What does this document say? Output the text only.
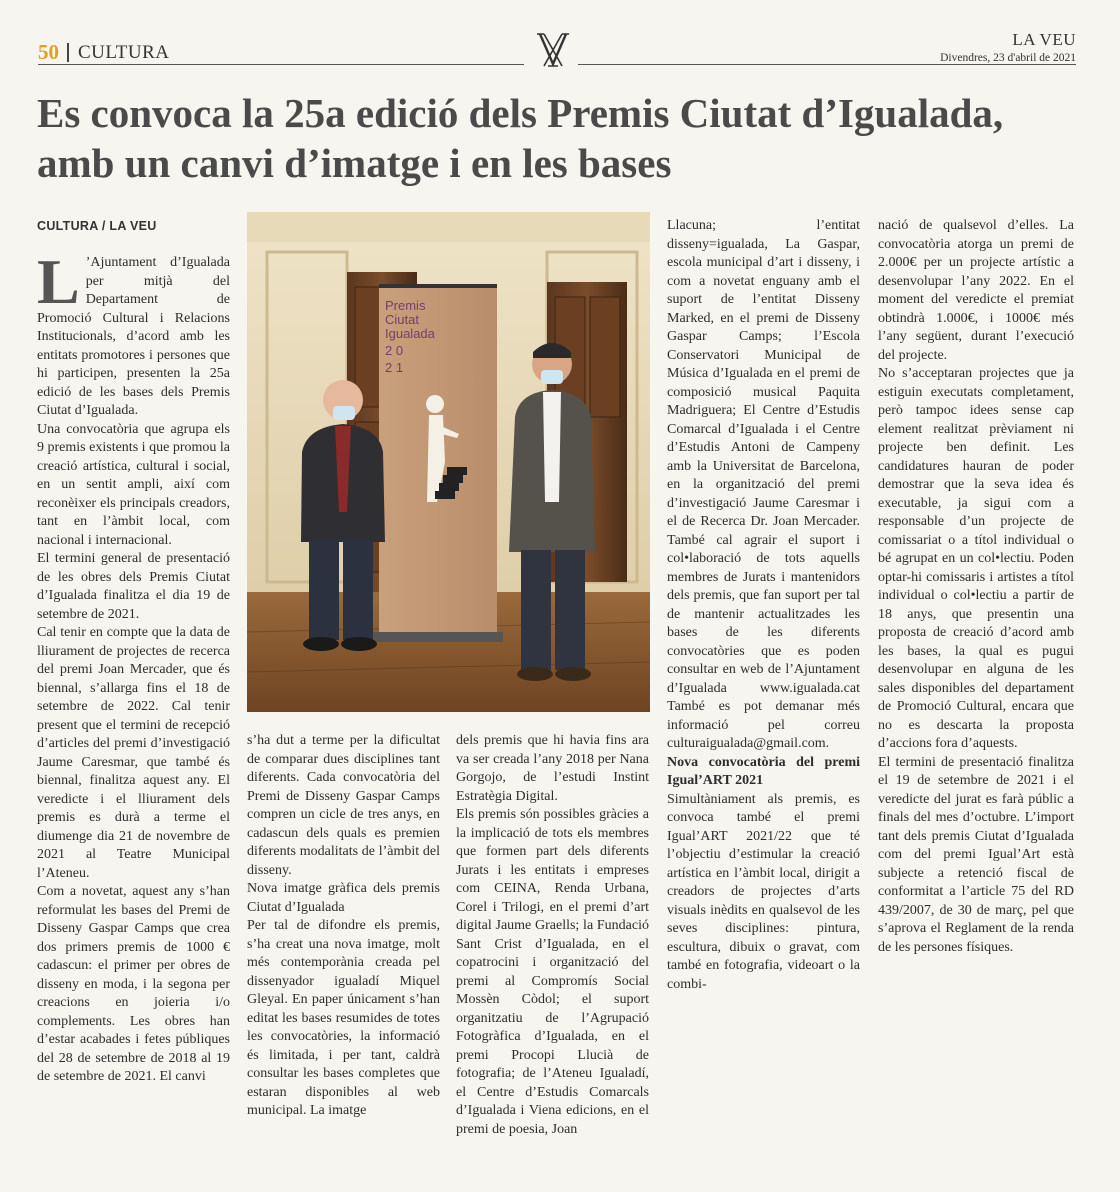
50 CULTURA
LA VEU
Divendres, 23 d'abril de 2021
Es convoca la 25a edició dels Premis Ciutat d’Igualada,
amb un canvi d’imatge i en les bases
CULTURA / LA VEU

L ’Ajuntament d’Igualada per mitjà del Departament de Promoció Cultural i Relacions Institucionals, d’acord amb les entitats promotores i persones que hi participen, presenten la 25a edició de les bases dels Premis Ciutat d’Igualada.

Una convocatòria que agrupa els 9 premis existents i que promou la creació artística, cultural i social, en un sentit ampli, així com reconèixer els principals creadors, tant en l’àmbit local, com nacional i internacional.

El termini general de presentació de les obres dels Premis Ciutat d’Igualada finalitza el dia 19 de setembre de 2021.

Cal tenir en compte que la data de lliurament de projectes de recerca del premi Joan Mercader, que és biennal, s’allarga fins el 18 de setembre de 2022. Cal tenir present que el termini de recepció d’articles del premi d’investigació Jaume Caresmar, que també és biennal, finalitza aquest any. El veredicte i el lliurament dels premis es durà a terme el diumenge dia 21 de novembre de 2021 al Teatre Municipal l’Ateneu.

Com a novetat, aquest any s’han reformulat les bases del Premi de Disseny Gaspar Camps que crea dos primers premis de 1000 € cadascun: el primer per obres de disseny en moda, i la segona per creacions en joieria i/o complements. Les obres han d’estar acabades i fetes públiques del 28 de setembre de 2018 al 19 de setembre de 2021. El canvi

Premis
Ciutat
Igualada
2 0
2 1

s’ha dut a terme per la dificultat de comparar dues disciplines tant diferents. Cada convocatòria del Premi de Disseny Gaspar Camps compren un cicle de tres anys, en cadascun dels quals es premien diferents modalitats de l’àmbit del disseny.

Nova imatge gràfica dels premis Ciutat d’Igualada

Per tal de difondre els premis, s’ha creat una nova imatge, molt més contemporània creada pel dissenyador igualadí Miquel Gleyal. En paper únicament s’han editat les bases resumides de totes les convocatòries, la informació és limitada, i per tant, caldrà consultar les bases completes que estaran disponibles al web municipal. La imatge

dels premis que hi havia fins ara va ser creada l’any 2018 per Nana Gorgojo, de l’estudi Instint Estratègia Digital.

Els premis són possibles gràcies a la implicació de tots els membres que formen part dels diferents Jurats i les entitats i empreses com CEINA, Renda Urbana, Corel i Trilogi, en el premi d’art digital Jaume Graells; la Fundació Sant Crist d’Igualada, en el copatrocini i organització del premi al Compromís Social Mossèn Còdol; el suport organitzatiu de l’Agrupació Fotogràfica d’Igualada, en el premi Procopi Llucià de fotografia; de l’Ateneu Igualadí, el Centre d’Estudis Comarcals d’Igualada i Viena edicions, en el premi de poesia, Joan

Llacuna; l’entitat disseny=igualada, La Gaspar, escola municipal d’art i disseny, i com a novetat enguany amb el suport de l’entitat Disseny Marked, en el premi de Disseny Gaspar Camps; l’Escola Conservatori Municipal de Música d’Igualada en el premi de composició musical Paquita Madriguera; El Centre d’Estudis Comarcal d’Igualada i el Centre d’Estudis Antoni de Campeny amb la Universitat de Barcelona, en la organització del premi d’investigació Jaume Caresmar i el de Recerca Dr. Joan Mercader. També cal agrair el suport i col•laboració de tots aquells membres de Jurats i mantenidors dels premis, que fan suport per tal de mantenir actualitzades les bases de les diferents convocatòries que es poden consultar en web de l’Ajuntament d’Igualada www.igualada.cat També es pot demanar més informació pel correu culturaigualada@gmail.com.

Nova convocatòria del premi Igual’ART 2021

Simultàniament als premis, es convoca també el premi Igual’ART 2021/22 que té l’objectiu d’estimular la creació artística en l’àmbit local, dirigit a creadors de projectes d’arts visuals inèdits en qualsevol de les seves disciplines: pintura, escultura, dibuix o gravat, com també en fotografia, videoart o la combi-

nació de qualsevol d’elles. La convocatòria atorga un premi de 2.000€ per un projecte artístic a desenvolupar l’any 2022. En el moment del veredicte el premiat obtindrà 1.000€, i 1000€ més l’any següent, durant l’execució del projecte.

No s’acceptaran projectes que ja estiguin executats completament, però tampoc idees sense cap element realitzat prèviament ni projecte ben definit. Les candidatures hauran de poder demostrar que la seva idea és executable, ja sigui com a responsable d’un projecte de comissariat o a títol individual o bé agrupat en un col•lectiu. Poden optar-hi comissaris i artistes a títol individual o col•lectiu a partir de 18 anys, que presentin una proposta de creació d’acord amb les bases, la qual es pugui desenvolupar en alguna de les sales disponibles del departament de Promoció Cultural, encara que no es descarta la proposta d’accions fora d’aquests.

El termini de presentació finalitza el 19 de setembre de 2021 i el veredicte del jurat es farà públic a finals del mes d’octubre. L’import tant dels premis Ciutat d’Igualada com del premi Igual’Art està subjecte a retenció fiscal de conformitat a l’article 75 del RD 439/2007, de 30 de març, pel que s’aprova el Reglament de la renda de les persones físiques.
